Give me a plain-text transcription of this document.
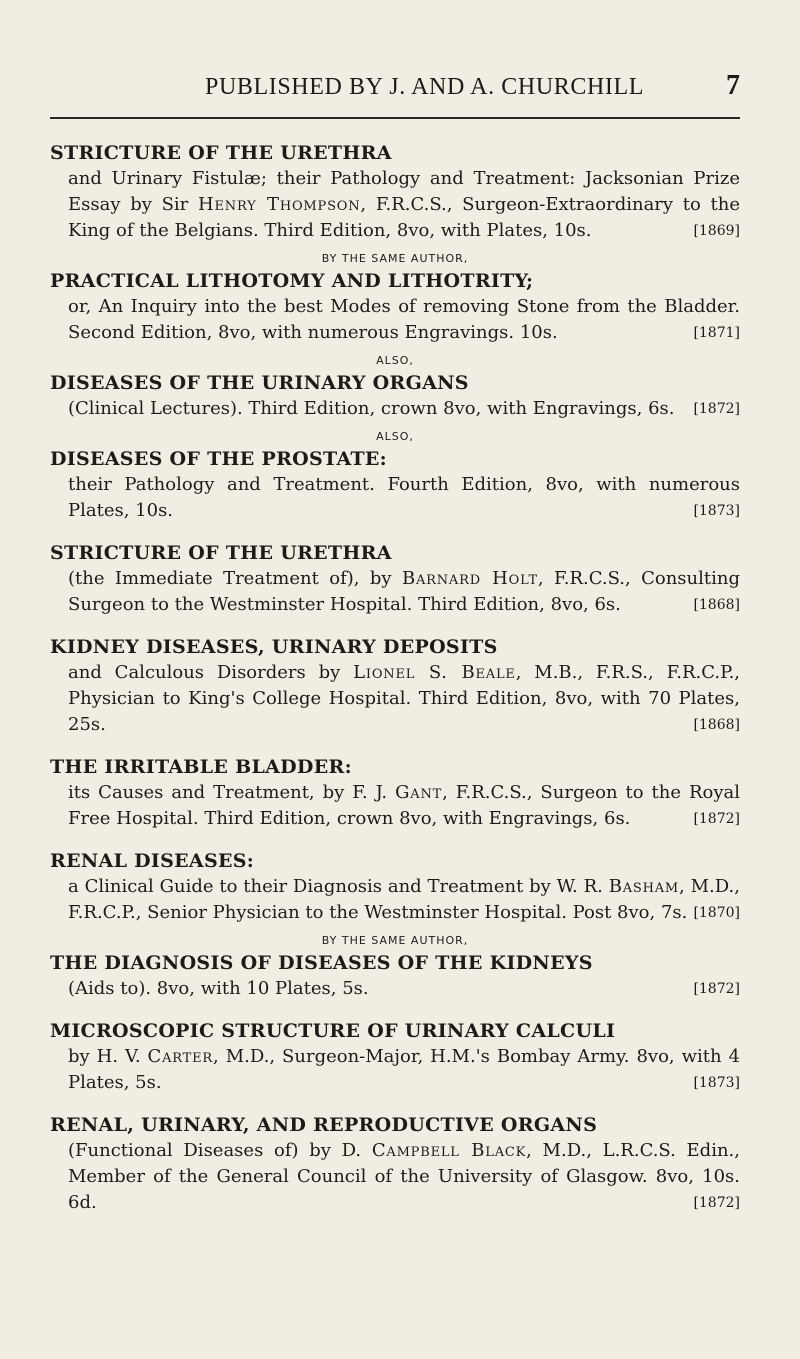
PUBLISHED BY J. AND A. CHURCHILL	7
STRICTURE OF THE URETHRA

and Urinary Fistulæ; their Pathology and Treatment: Jacksonian Prize Essay by Sir Henry Thompson, F.R.C.S., Surgeon-Extraordinary to the King of the Belgians. Third Edition, 8vo, with Plates, 10s.	[1869]

BY THE SAME AUTHOR,
PRACTICAL LITHOTOMY AND LITHOTRITY;

or, An Inquiry into the best Modes of removing Stone from the Bladder. Second Edition, 8vo, with numerous Engravings. 10s.	[1871]

ALSO,
DISEASES OF THE URINARY ORGANS

(Clinical Lectures). Third Edition, crown 8vo, with Engravings, 6s. [1872]

ALSO,
DISEASES OF THE PROSTATE:

their Pathology and Treatment. Fourth Edition, 8vo, with numerous Plates, 10s.	[1873]

STRICTURE OF THE URETHRA

(the Immediate Treatment of), by Barnard Holt, F.R.C.S., Consulting Surgeon to the Westminster Hospital. Third Edition, 8vo, 6s.	[1868]

KIDNEY DISEASES, URINARY DEPOSITS

and Calculous Disorders by Lionel S. Beale, M.B., F.R.S., F.R.C.P., Physician to King's College Hospital. Third Edition, 8vo, with 70 Plates, 25s.	[1868]

THE IRRITABLE BLADDER:

its Causes and Treatment, by F. J. Gant, F.R.C.S., Surgeon to the Royal Free Hospital. Third Edition, crown 8vo, with Engravings, 6s.	[1872]

RENAL DISEASES:

a Clinical Guide to their Diagnosis and Treatment by W. R. Basham, M.D., F.R.C.P., Senior Physician to the Westminster Hospital. Post 8vo, 7s. [1870]

BY THE SAME AUTHOR,
THE DIAGNOSIS OF DISEASES OF THE KIDNEYS

(Aids to). 8vo, with 10 Plates, 5s.	[1872]

MICROSCOPIC STRUCTURE OF URINARY CALCULI

by H. V. Carter, M.D., Surgeon-Major, H.M.'s Bombay Army. 8vo, with 4 Plates, 5s.	[1873]

RENAL, URINARY, AND REPRODUCTIVE ORGANS

(Functional Diseases of) by D. Campbell Black, M.D., L.R.C.S. Edin., Member of the General Council of the University of Glasgow. 8vo, 10s. 6d.	[1872]
